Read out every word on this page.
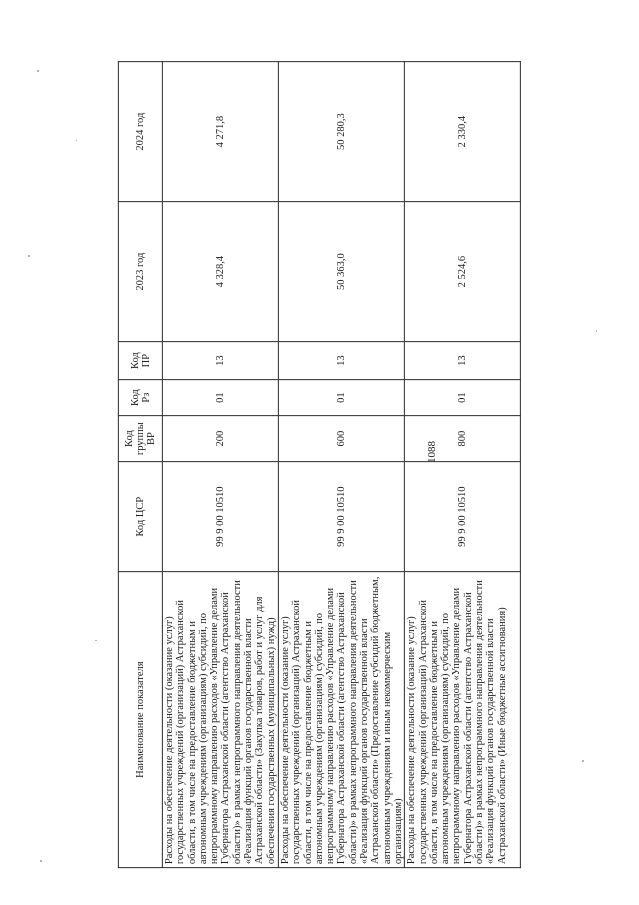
1088
Наименование показателя	Код ЦСР	Код группы ВР	Код Рз	Код ПР	2023 год	2024 год
Расходы на обеспечение деятельности (оказание услуг) государственных учреждений (организаций) Астраханской области, в том числе на предоставление бюджетным и автономным учреждениям (организациям) субсидий, по непрограммному направлению расходов «Управление делами Губернатора Астраханской области (агентство Астраханской области)» в рамках непрограммного направления деятельности «Реализация функций органов государственной власти Астраханской области» (Закупка товаров, работ и услуг для обеспечения государственных (муниципальных) нужд)	99 9 00 10510	200	01	13	4 328,4	4 271,8
Расходы на обеспечение деятельности (оказание услуг) государственных учреждений (организаций) Астраханской области, в том числе на предоставление бюджетным и автономным учреждениям (организациям) субсидий, по непрограммному направлению расходов «Управление делами Губернатора Астраханской области (агентство Астраханской области)» в рамках непрограммного направления деятельности «Реализация функций органов государственной власти Астраханской области» (Предоставление субсидий бюджетным, автономным учреждениям и иным некоммерческим организациям)	99 9 00 10510	600	01	13	50 363,0	50 280,3
Расходы на обеспечение деятельности (оказание услуг) государственных учреждений (организаций) Астраханской области, в том числе на предоставление бюджетным и автономным учреждениям (организациям) субсидий, по непрограммному направлению расходов «Управление делами Губернатора Астраханской области (агентство Астраханской области)» в рамках непрограммного направления деятельности «Реализация функций органов государственной власти Астраханской области» (Иные бюджетные ассигнования)	99 9 00 10510	800	01	13	2 524,6	2 330,4
